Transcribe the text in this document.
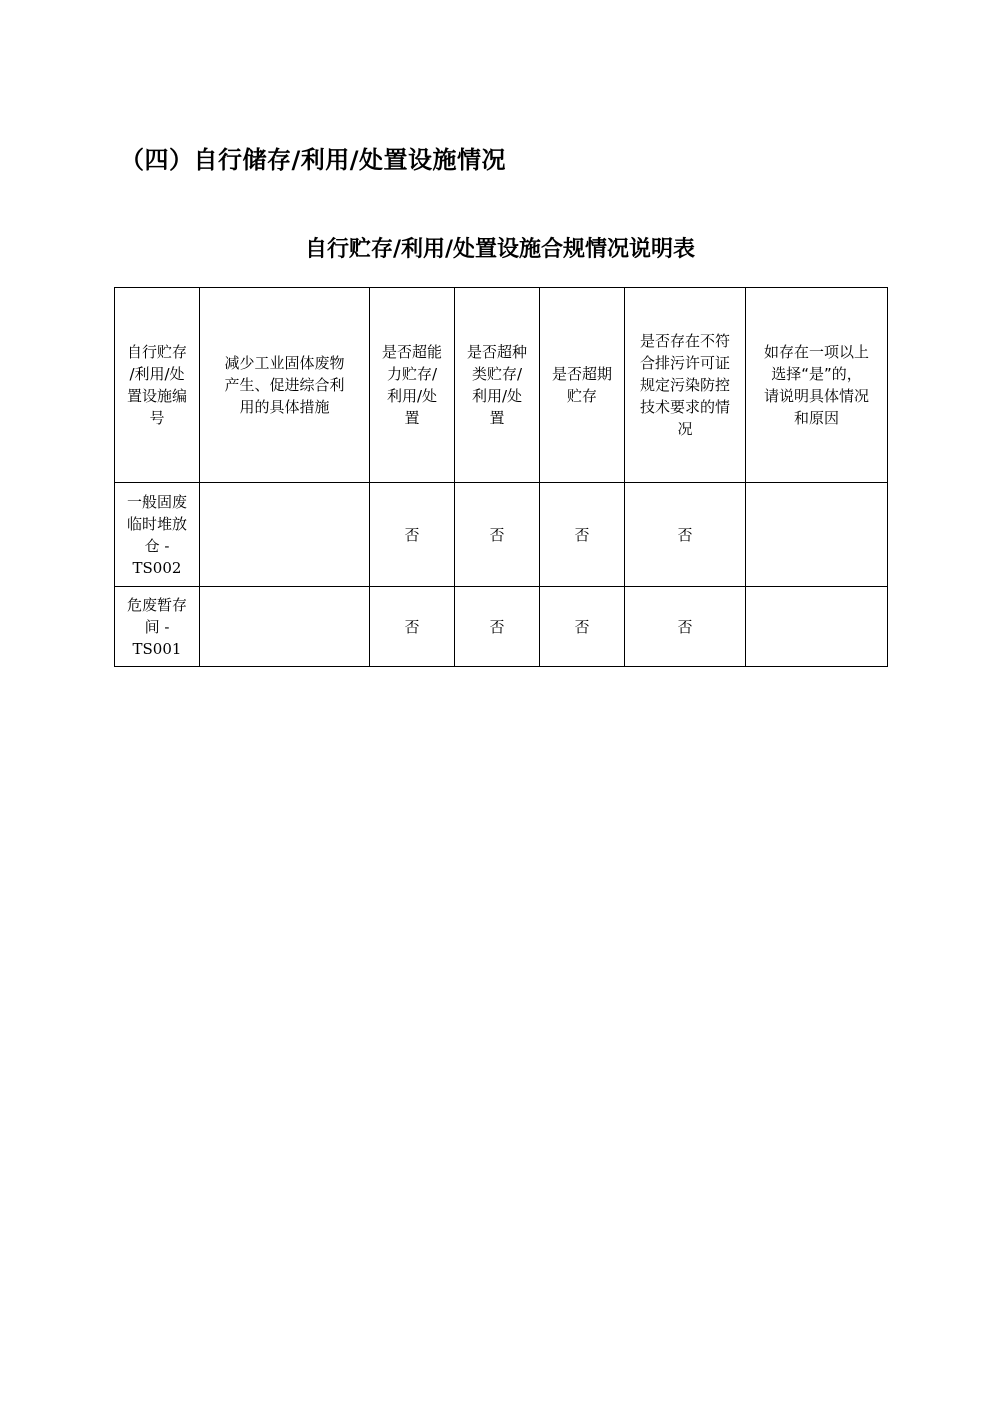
（四）自行储存/利用/处置设施情况
自行贮存/利用/处置设施合规情况说明表
自行贮存
/利用/处
置设施编
号	减少工业固体废物
产生、促进综合利
用的具体措施	是否超能
力贮存/
利用/处
置	是否超种
类贮存/
利用/处
置	是否超期
贮存	是否存在不符
合排污许可证
规定污染防控
技术要求的情
况	如存在一项以上
选择“是”的，
请说明具体情况
和原因
一般固废
临时堆放
仓 -
TS002		否	否	否	否	
危废暂存
间 -
TS001		否	否	否	否	
